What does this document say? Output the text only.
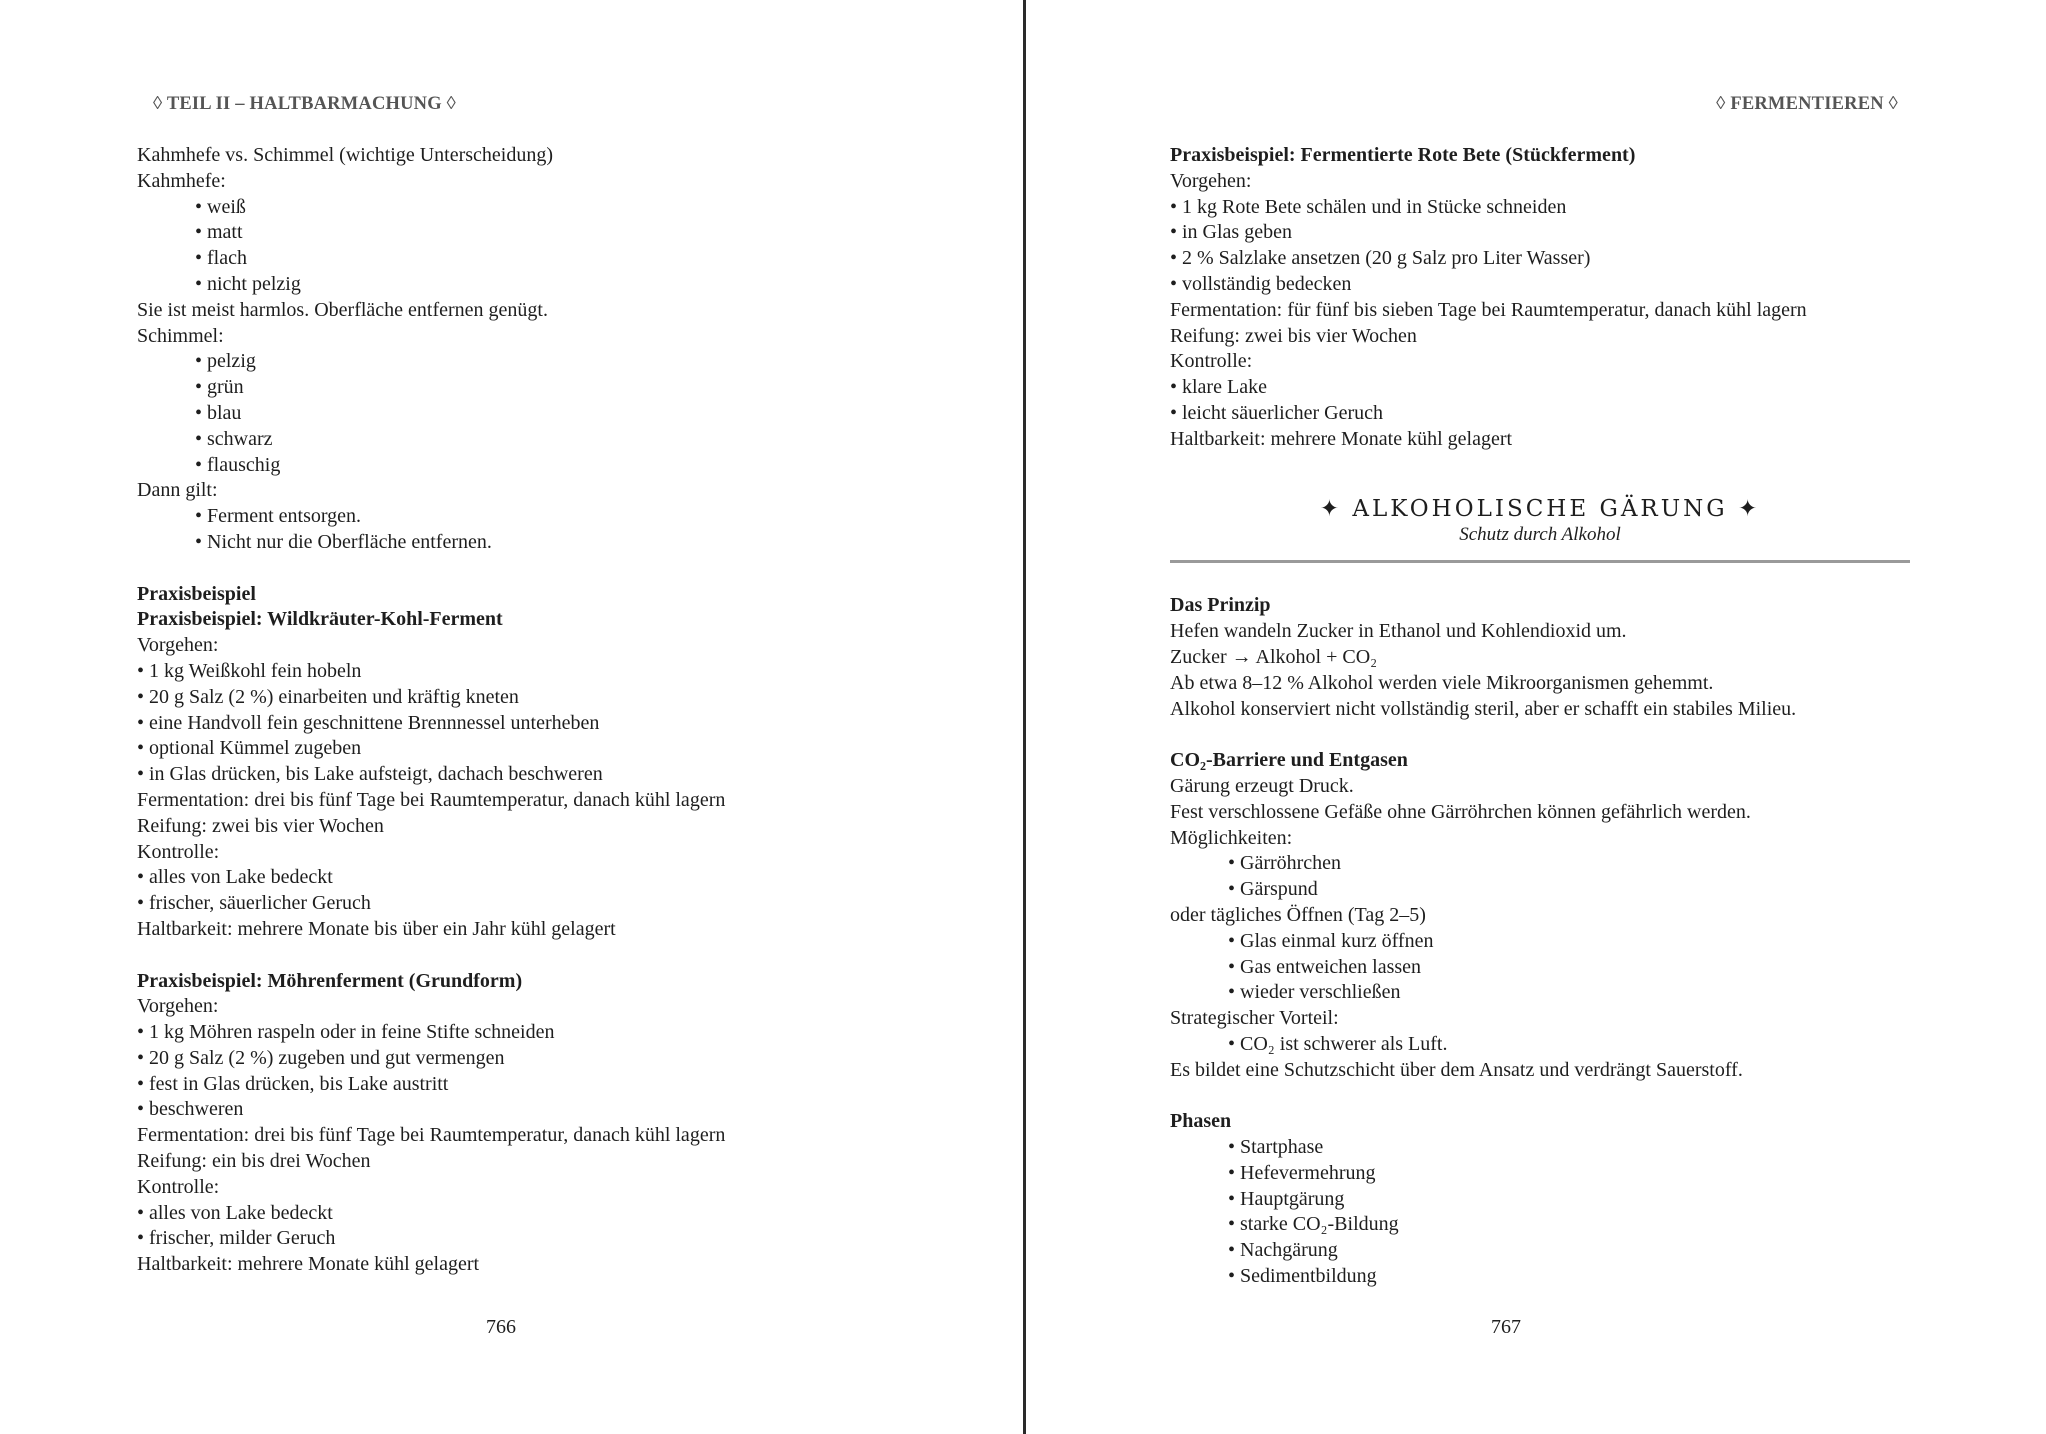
◊ TEIL II – HALTBARMACHUNG ◊
Kahmhefe vs. Schimmel (wichtige Unterscheidung)
Kahmhefe:
• weiß
• matt
• flach
• nicht pelzig
Sie ist meist harmlos. Oberfläche entfernen genügt.
Schimmel:
• pelzig
• grün
• blau
• schwarz
• flauschig
Dann gilt:
• Ferment entsorgen.
• Nicht nur die Oberfläche entfernen.
Praxisbeispiel
Praxisbeispiel: Wildkräuter-Kohl-Ferment
Vorgehen:
• 1 kg Weißkohl fein hobeln
• 20 g Salz (2 %) einarbeiten und kräftig kneten
• eine Handvoll fein geschnittene Brennnessel unterheben
• optional Kümmel zugeben
• in Glas drücken, bis Lake aufsteigt, dachach beschweren
Fermentation: drei bis fünf Tage bei Raumtemperatur, danach kühl lagern
Reifung: zwei bis vier Wochen
Kontrolle:
• alles von Lake bedeckt
• frischer, säuerlicher Geruch
Haltbarkeit: mehrere Monate bis über ein Jahr kühl gelagert
Praxisbeispiel: Möhrenferment (Grundform)
Vorgehen:
• 1 kg Möhren raspeln oder in feine Stifte schneiden
• 20 g Salz (2 %) zugeben und gut vermengen
• fest in Glas drücken, bis Lake austritt
• beschweren
Fermentation: drei bis fünf Tage bei Raumtemperatur, danach kühl lagern
Reifung: ein bis drei Wochen
Kontrolle:
• alles von Lake bedeckt
• frischer, milder Geruch
Haltbarkeit: mehrere Monate kühl gelagert
766
◊ FERMENTIEREN ◊
Praxisbeispiel: Fermentierte Rote Bete (Stückferment)
Vorgehen:
• 1 kg Rote Bete schälen und in Stücke schneiden
• in Glas geben
• 2 % Salzlake ansetzen (20 g Salz pro Liter Wasser)
• vollständig bedecken
Fermentation: für fünf bis sieben Tage bei Raumtemperatur, danach kühl lagern
Reifung: zwei bis vier Wochen
Kontrolle:
• klare Lake
• leicht säuerlicher Geruch
Haltbarkeit: mehrere Monate kühl gelagert
✦ ALKOHOLISCHE GÄRUNG ✦
Schutz durch Alkohol
Das Prinzip
Hefen wandeln Zucker in Ethanol und Kohlendioxid um.
Zucker → Alkohol + CO₂
Ab etwa 8–12 % Alkohol werden viele Mikroorganismen gehemmt.
Alkohol konserviert nicht vollständig steril, aber er schafft ein stabiles Milieu.
CO₂-Barriere und Entgasen
Gärung erzeugt Druck.
Fest verschlossene Gefäße ohne Gärröhrchen können gefährlich werden.
Möglichkeiten:
• Gärröhrchen
• Gärspund
oder tägliches Öffnen (Tag 2–5)
• Glas einmal kurz öffnen
• Gas entweichen lassen
• wieder verschließen
Strategischer Vorteil:
• CO₂ ist schwerer als Luft.
Es bildet eine Schutzschicht über dem Ansatz und verdrängt Sauerstoff.
Phasen
• Startphase
• Hefevermehrung
• Hauptgärung
• starke CO₂-Bildung
• Nachgärung
• Sedimentbildung
767
